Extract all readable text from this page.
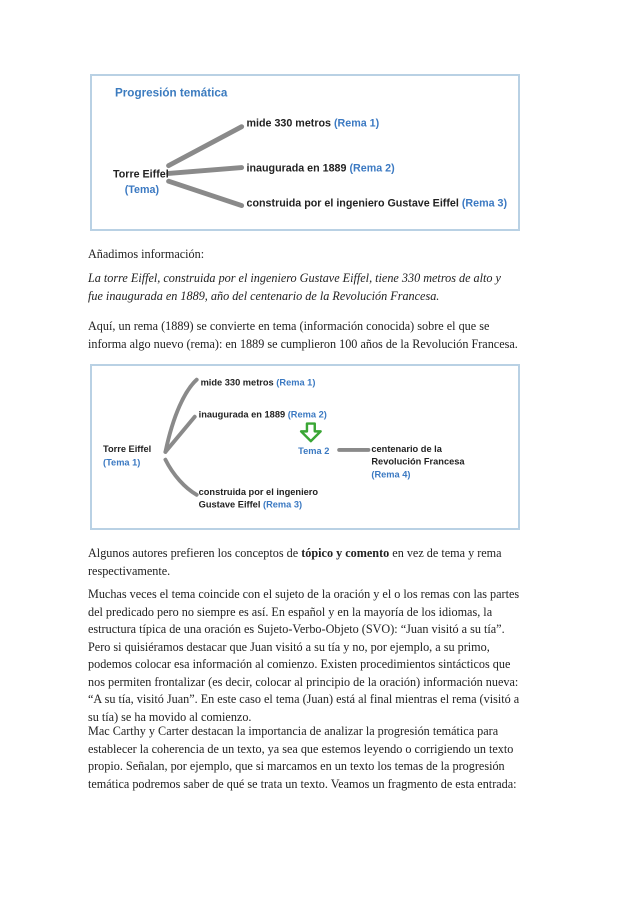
Progresión temática
Torre Eiffel
(Tema)
mide 330 metros (Rema 1)
inaugurada en 1889 (Rema 2)
construida por el ingeniero Gustave Eiffel (Rema 3)

Añadimos información:

La torre Eiffel, construida por el ingeniero Gustave Eiffel, tiene 330 metros de alto y

fue inaugurada en 1889, año del centenario de la Revolución Francesa.

Aquí, un rema (1889) se convierte en tema (información conocida) sobre el que se

informa algo nuevo (rema): en 1889 se cumplieron 100 años de la Revolución Francesa.

Torre Eiffel
(Tema 1)
mide 330 metros (Rema 1)
inaugurada en 1889 (Rema 2)
Tema 2	centenario de la
Revolución Francesa
(Rema 4)
construida por el ingeniero
Gustave Eiffel (Rema 3)

Algunos autores prefieren los conceptos de tópico y comento en vez de tema y rema

respectivamente.

Muchas veces el tema coincide con el sujeto de la oración y el o los remas con las partes

del predicado pero no siempre es así. En español y en la mayoría de los idiomas, la

estructura típica de una oración es Sujeto-Verbo-Objeto (SVO): “Juan visitó a su tía”.

Pero si quisiéramos destacar que Juan visitó a su tía y no, por ejemplo, a su primo,

podemos colocar esa información al comienzo. Existen procedimientos sintácticos que

nos permiten frontalizar (es decir, colocar al principio de la oración) información nueva:

“A su tía, visitó Juan”. En este caso el tema (Juan) está al final mientras el rema (visitó a

su tía) se ha movido al comienzo.

Mac Carthy y Carter destacan la importancia de analizar la progresión temática para

establecer la coherencia de un texto, ya sea que estemos leyendo o corrigiendo un texto

propio. Señalan, por ejemplo, que si marcamos en un texto los temas de la progresión

temática podremos saber de qué se trata un texto. Veamos un fragmento de esta entrada:
